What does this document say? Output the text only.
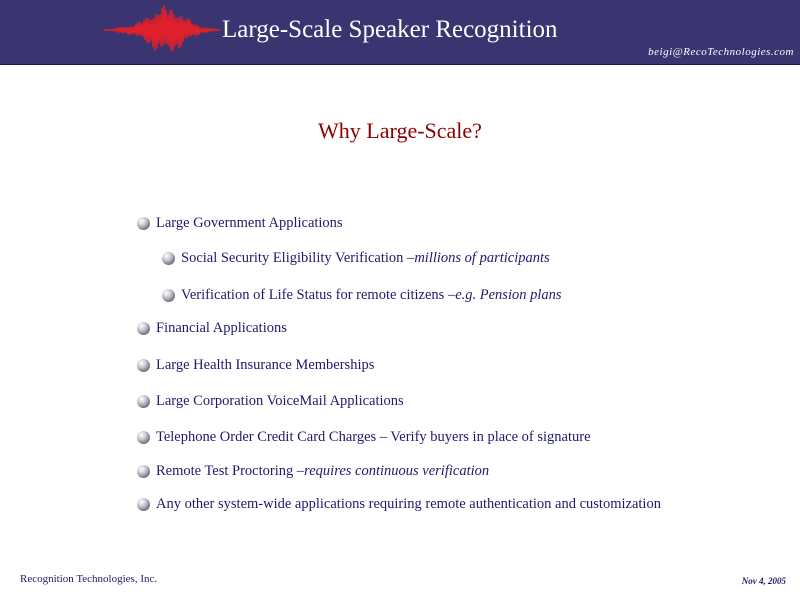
Large-Scale Speaker Recognition
beigi@RecoTechnologies.com
Why Large-Scale?
Large Government Applications
Social Security Eligibility Verification – millions of participants
Verification of Life Status for remote citizens – e.g. Pension plans
Financial Applications
Large Health Insurance Memberships
Large Corporation VoiceMail Applications
Telephone Order Credit Card Charges – Verify buyers in place of signature
Remote Test Proctoring – requires continuous verification
Any other system-wide applications requiring remote authentication and customization
Recognition Technologies, Inc.	Nov 4, 2005
